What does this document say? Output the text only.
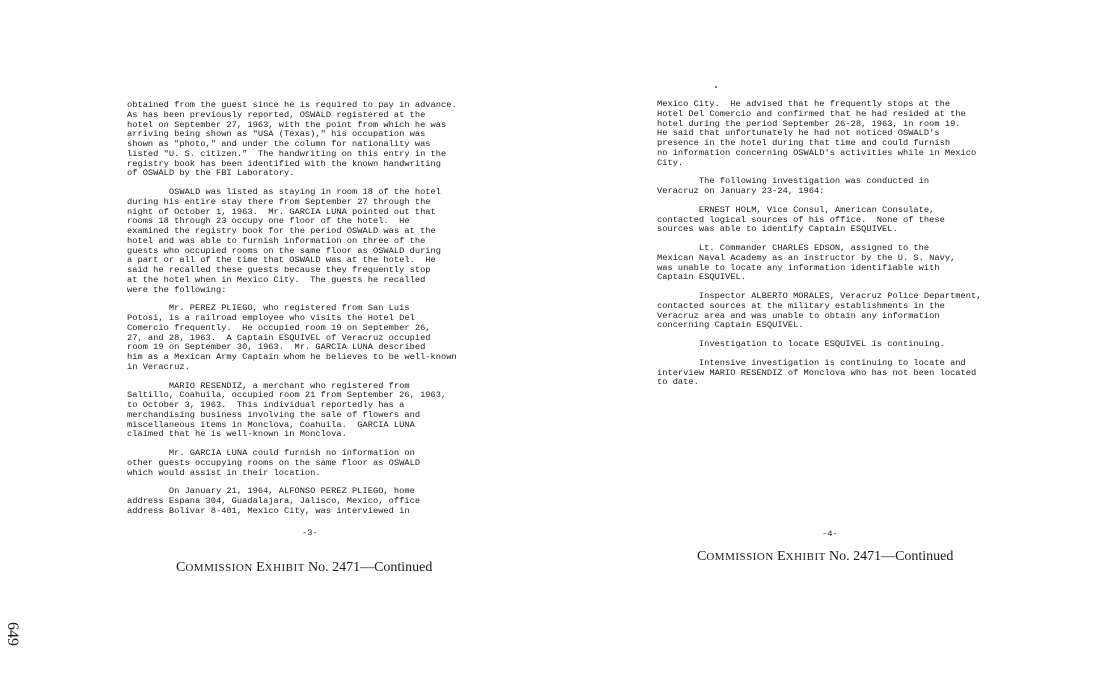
obtained from the guest since he is required to pay in advance.
As has been previously reported, OSWALD registered at the
hotel on September 27, 1963, with the point from which he was
arriving being shown as "USA (Texas)," his occupation was
shown as "photo," and under the column for nationality was
listed "U. S. citizen."  The handwriting on this entry in the
registry book has been identified with the known handwriting
of OSWALD by the FBI Laboratory.
OSWALD was listed as staying in room 18 of the hotel
during his entire stay there from September 27 through the
night of October 1, 1963.  Mr. GARCIA LUNA pointed out that
rooms 18 through 23 occupy one floor of the hotel.  He
examined the registry book for the period OSWALD was at the
hotel and was able to furnish information on three of the
guests who occupied rooms on the same floor as OSWALD during
a part or all of the time that OSWALD was at the hotel.  He
said he recalled these guests because they frequently stop
at the hotel when in Mexico City.  The guests he recalled
were the following:
Mr. PEREZ PLIEGO, who registered from San Luis
Potosi, is a railroad employee who visits the Hotel Del
Comercio frequently.  He occupied room 19 on September 26,
27, and 28, 1963.  A Captain ESQUIVEL of Veracruz occupied
room 19 on September 30, 1963.  Mr. GARCIA LUNA described
him as a Mexican Army Captain whom he believes to be well-known
in Veracruz.
MARIO RESENDIZ, a merchant who registered from
Saltillo, Coahuila, occupied room 21 from September 26, 1963,
to October 3, 1963.  This individual reportedly has a
merchandising business involving the sale of flowers and
miscellaneous items in Monclova, Coahuila.  GARCIA LUNA
claimed that he is well-known in Monclova.
Mr. GARCIA LUNA could furnish no information on
other guests occupying rooms on the same floor as OSWALD
which would assist in their location.
On January 21, 1964, ALFONSO PEREZ PLIEGO, home
address Espana 304, Guadalajara, Jalisco, Mexico, office
address Bolivar 8-401, Mexico City, was interviewed in
-3-
COMMISSION EXHIBIT No. 2471—Continued
649
Mexico City.  He advised that he frequently stops at the
Hotel Del Comercio and confirmed that he had resided at the
hotel during the period September 26-28, 1963, in room 19.
He said that unfortunately he had not noticed OSWALD's
presence in the hotel during that time and could furnish
no information concerning OSWALD's activities while in Mexico
City.
The following investigation was conducted in
Veracruz on January 23-24, 1964:
ERNEST HOLM, Vice Consul, American Consulate,
contacted logical sources of his office.  None of these
sources was able to identify Captain ESQUIVEL.
Lt. Commander CHARLES EDSON, assigned to the
Mexican Naval Academy as an instructor by the U. S. Navy,
was unable to locate any information identifiable with
Captain ESQUIVEL.
Inspector ALBERTO MORALES, Veracruz Police Department,
contacted sources at the military establishments in the
Veracruz area and was unable to obtain any information
concerning Captain ESQUIVEL.
Investigation to locate ESQUIVEL is continuing.
Intensive investigation is continuing to locate and
interview MARIO RESENDIZ of Monclova who has not been located
to date.
-4-
COMMISSION EXHIBIT No. 2471—Continued
